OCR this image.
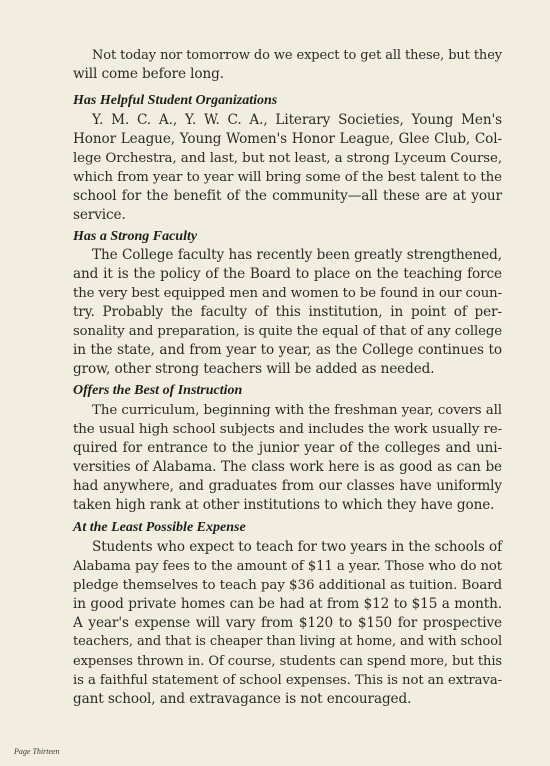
Not today nor tomorrow do we expect to get all these, but they
will come before long.
Has Helpful Student Organizations
Y. M. C. A., Y. W. C. A., Literary Societies, Young Men's
Honor League, Young Women's Honor League, Glee Club, Col-
lege Orchestra, and last, but not least, a strong Lyceum Course,
which from year to year will bring some of the best talent to the
school for the benefit of the community—all these are at your
service.
Has a Strong Faculty
The College faculty has recently been greatly strengthened,
and it is the policy of the Board to place on the teaching force
the very best equipped men and women to be found in our coun-
try. Probably the faculty of this institution, in point of per-
sonality and preparation, is quite the equal of that of any college
in the state, and from year to year, as the College continues to
grow, other strong teachers will be added as needed.
Offers the Best of Instruction
The curriculum, beginning with the freshman year, covers all
the usual high school subjects and includes the work usually re-
quired for entrance to the junior year of the colleges and uni-
versities of Alabama. The class work here is as good as can be
had anywhere, and graduates from our classes have uniformly
taken high rank at other institutions to which they have gone.
At the Least Possible Expense
Students who expect to teach for two years in the schools of
Alabama pay fees to the amount of $11 a year. Those who do not
pledge themselves to teach pay $36 additional as tuition. Board
in good private homes can be had at from $12 to $15 a month.
A year's expense will vary from $120 to $150 for prospective
teachers, and that is cheaper than living at home, and with school
expenses thrown in. Of course, students can spend more, but this
is a faithful statement of school expenses. This is not an extrava-
gant school, and extravagance is not encouraged.
Page Thirteen
